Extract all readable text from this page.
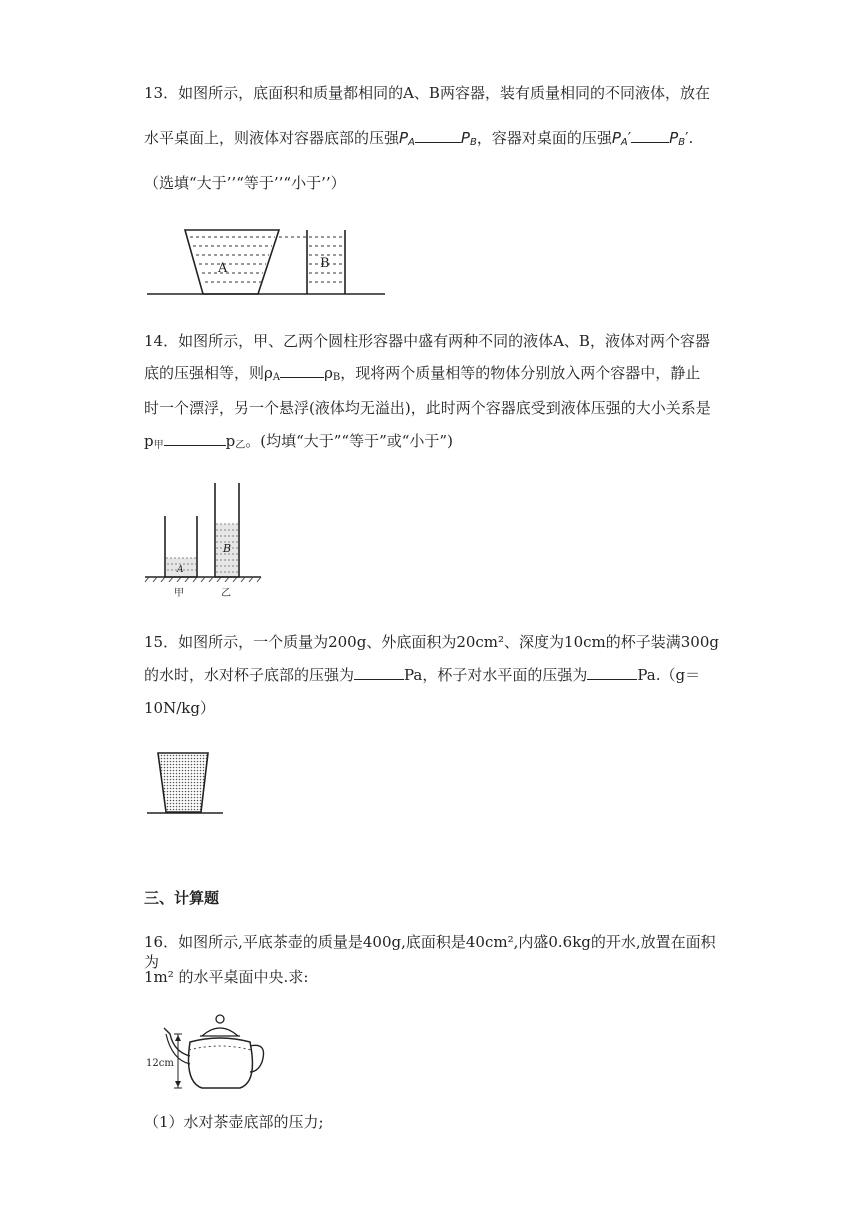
13．如图所示，底面积和质量都相同的A、B两容器，装有质量相同的不同液体，放在

水平桌面上，则液体对容器底部的压强$P_A$	$P_B$，容器对桌面的压强$P_A'$	$P_B'$.

（选填“大于’’“等于’’“小于’’）

A	B

14．如图所示，甲、乙两个圆柱形容器中盛有两种不同的液体A、B，液体对两个容器

底的压强相等，则$\rho_A$	$\rho_B$，现将两个质量相等的物体分别放入两个容器中，静止

时一个漂浮，另一个悬浮(液体均无溢出)，此时两个容器底受到液体压强的大小关系是

$p_甲$	$p_乙$。(均填“大于”“等于”或“小于”)

A
B
甲	乙

15．如图所示，一个质量为200g、外底面积为20cm²、深度为10cm的杯子装满300g

的水时，水对杯子底部的压强为	Pa，杯子对水平面的压强为	Pa.（g＝

10N/kg）

三、计算题

16．如图所示,平底茶壶的质量是400g,底面积是40cm²,内盛0.6kg的开水,放置在面积为

1m² 的水平桌面中央.求:

12cm

（1）水对茶壶底部的压力;
